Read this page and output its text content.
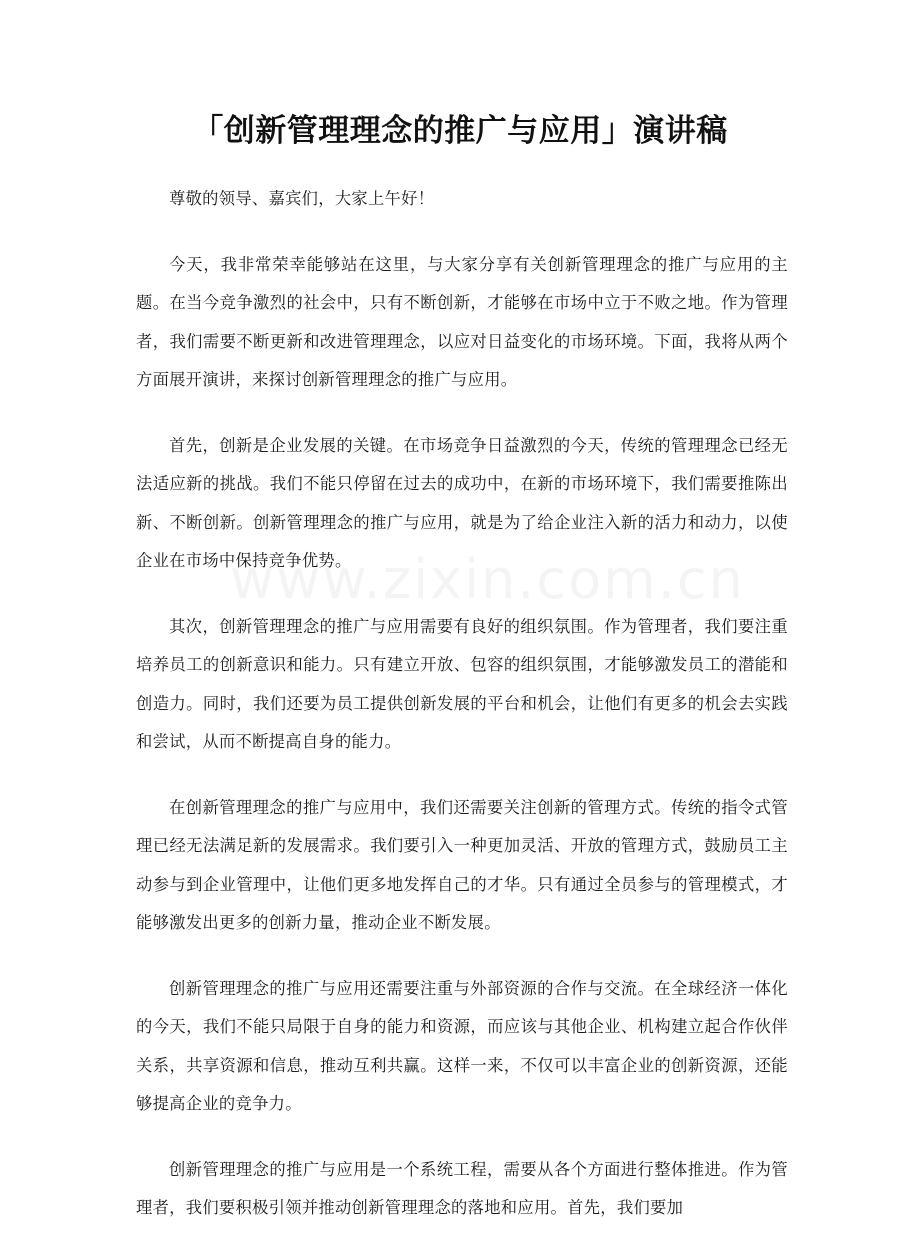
「创新管理理念的推广与应用」演讲稿

尊敬的领导、嘉宾们，大家上午好！

今天，我非常荣幸能够站在这里，与大家分享有关创新管理理念的推广与应用的主题。在当今竞争激烈的社会中，只有不断创新，才能够在市场中立于不败之地。作为管理者，我们需要不断更新和改进管理理念，以应对日益变化的市场环境。下面，我将从两个方面展开演讲，来探讨创新管理理念的推广与应用。

首先，创新是企业发展的关键。在市场竞争日益激烈的今天，传统的管理理念已经无法适应新的挑战。我们不能只停留在过去的成功中，在新的市场环境下，我们需要推陈出新、不断创新。创新管理理念的推广与应用，就是为了给企业注入新的活力和动力，以使企业在市场中保持竞争优势。

其次，创新管理理念的推广与应用需要有良好的组织氛围。作为管理者，我们要注重培养员工的创新意识和能力。只有建立开放、包容的组织氛围，才能够激发员工的潜能和创造力。同时，我们还要为员工提供创新发展的平台和机会，让他们有更多的机会去实践和尝试，从而不断提高自身的能力。

在创新管理理念的推广与应用中，我们还需要关注创新的管理方式。传统的指令式管理已经无法满足新的发展需求。我们要引入一种更加灵活、开放的管理方式，鼓励员工主动参与到企业管理中，让他们更多地发挥自己的才华。只有通过全员参与的管理模式，才能够激发出更多的创新力量，推动企业不断发展。

创新管理理念的推广与应用还需要注重与外部资源的合作与交流。在全球经济一体化的今天，我们不能只局限于自身的能力和资源，而应该与其他企业、机构建立起合作伙伴关系，共享资源和信息，推动互利共赢。这样一来，不仅可以丰富企业的创新资源，还能够提高企业的竞争力。

创新管理理念的推广与应用是一个系统工程，需要从各个方面进行整体推进。作为管理者，我们要积极引领并推动创新管理理念的落地和应用。首先，我们要加
